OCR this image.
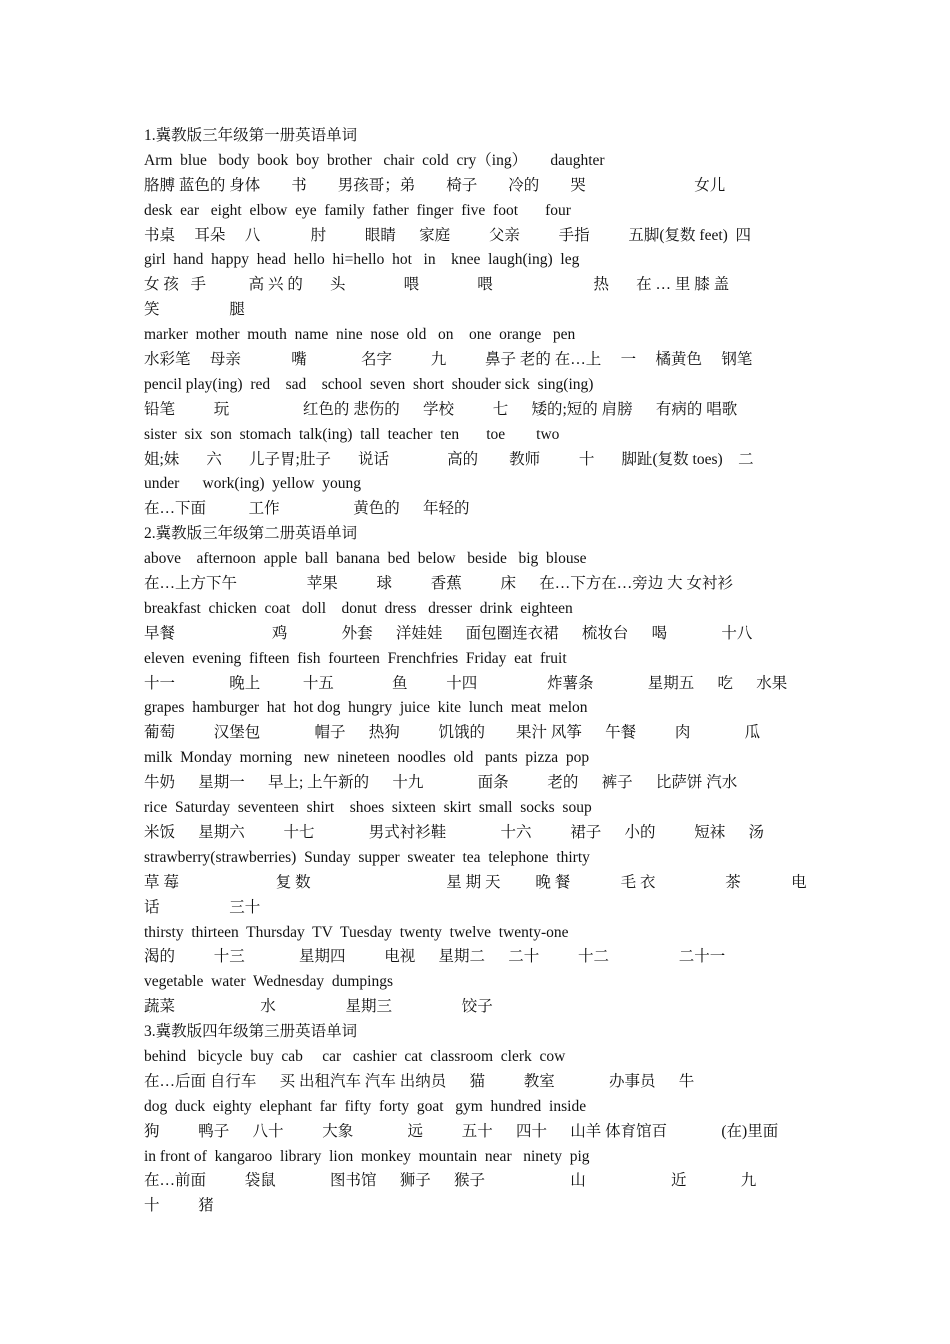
1.冀教版三年级第一册英语单词
Arm  blue   body  book  boy  brother   chair  cold  cry（ing）      daughter
胳膊 蓝色的 身体        书        男孩哥；弟        椅子        冷的        哭                            女儿
desk  ear   eight  elbow  eye  family  father  finger  five  foot       four
书桌     耳朵     八             肘          眼睛      家庭          父亲          手指          五脚(复数 feet)  四
girl  hand  happy  head  hello  hi=hello  hot   in    knee  laugh(ing)  leg
女 孩   手           高 兴 的       头               喂               喂                          热       在 … 里 膝 盖
笑                  腿
marker  mother  mouth  name  nine  nose  old   on    one  orange   pen
水彩笔     母亲             嘴              名字          九          鼻子 老的 在…上     一     橘黄色     钢笔
pencil play(ing)  red    sad    school  seven  short  shouder sick  sing(ing)
铅笔          玩                   红色的 悲伤的      学校          七      矮的;短的 肩膀      有病的 唱歌
sister  six  son  stomach  talk(ing)  tall  teacher  ten       toe        two
姐;妹       六       儿子胃;肚子       说话               高的        教师          十       脚趾(复数 toes)    二
under      work(ing)  yellow  young
在…下面           工作                   黄色的      年轻的
2.冀教版三年级第二册英语单词
above    afternoon  apple  ball  banana  bed  below   beside   big  blouse
在…上方下午                  苹果          球          香蕉          床      在…下方在…旁边 大 女衬衫
breakfast  chicken  coat   doll    donut  dress   dresser  drink  eighteen
早餐                         鸡              外套      洋娃娃      面包圈连衣裙      梳妆台      喝              十八
eleven  evening  fifteen  fish  fourteen  Frenchfries  Friday  eat  fruit
十一              晚上           十五               鱼          十四                  炸薯条              星期五      吃      水果
grapes  hamburger  hat  hot dog  hungry  juice  kite  lunch  meat  melon
葡萄          汉堡包              帽子      热狗          饥饿的        果汁 风筝      午餐          肉              瓜
milk  Monday  morning   new  nineteen  noodles  old   pants  pizza  pop
牛奶      星期一      早上; 上午新的      十九              面条          老的      裤子      比萨饼 汽水
rice  Saturday  seventeen  shirt    shoes  sixteen  skirt  small  socks  soup
米饭      星期六          十七              男式衬衫鞋              十六          裙子      小的          短袜      汤
strawberry(strawberries)  Sunday  supper  sweater  tea  telephone  thirty
草 莓                         复 数                                   星 期 天         晚 餐             毛 衣                  茶             电
话                  三十
thirsty  thirteen  Thursday  TV  Tuesday  twenty  twelve  twenty-one
渴的          十三              星期四          电视      星期二      二十          十二                  二十一
vegetable  water  Wednesday  dumpings
蔬菜                      水                  星期三                  饺子
3.冀教版四年级第三册英语单词
behind   bicycle  buy  cab     car   cashier  cat  classroom  clerk  cow
在…后面 自行车      买 出租汽车 汽车 出纳员      猫          教室              办事员      牛
dog  duck  eighty  elephant  far  fifty  forty  goat   gym  hundred  inside
狗          鸭子      八十          大象              远          五十      四十      山羊 体育馆百              (在)里面
in front of  kangaroo  library  lion  monkey  mountain  near   ninety  pig
在…前面          袋鼠              图书馆      狮子      猴子                      山                      近              九
十          猪
